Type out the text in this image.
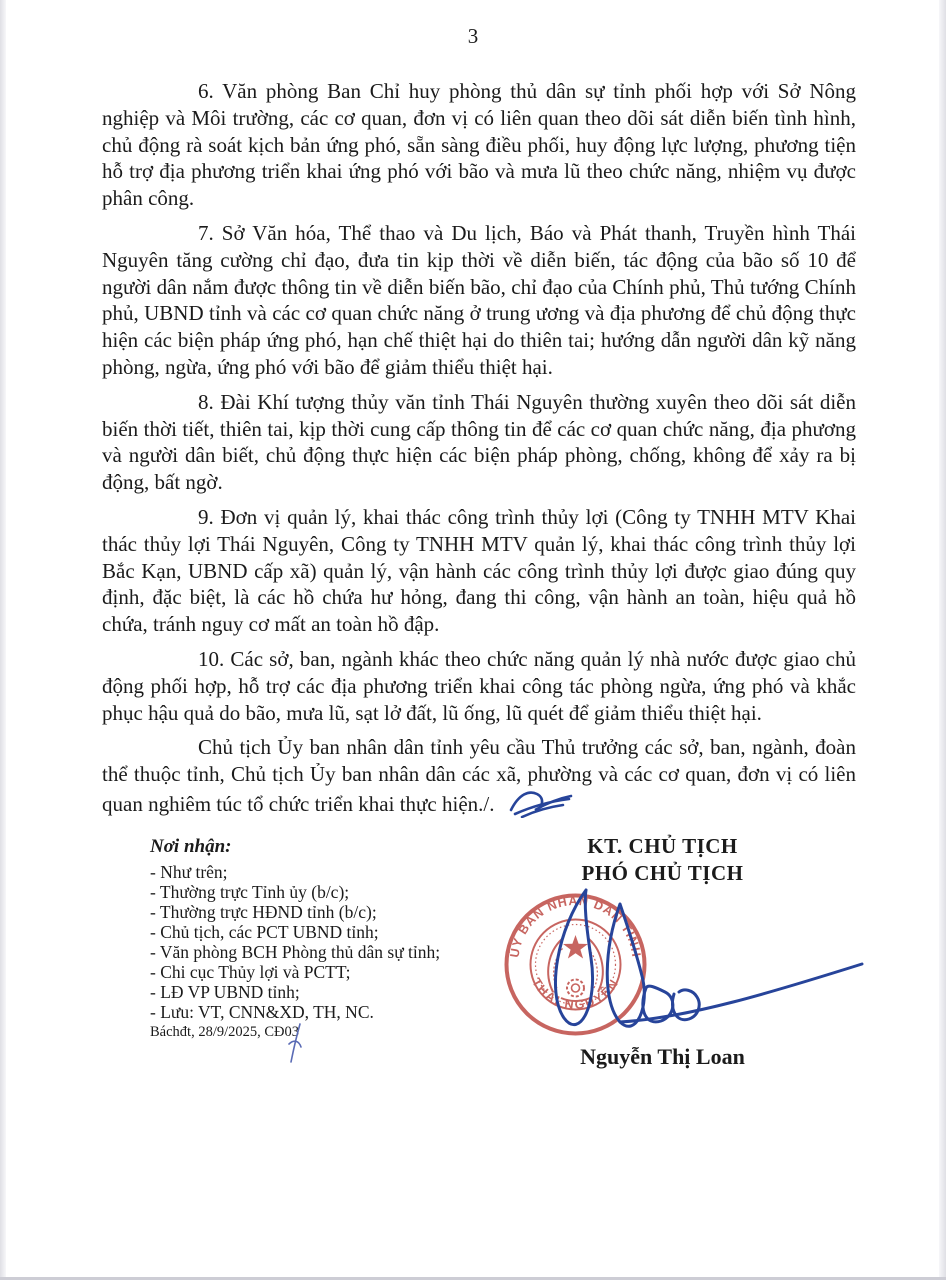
3

6. Văn phòng Ban Chỉ huy phòng thủ dân sự tỉnh phối hợp với Sở Nông nghiệp và Môi trường, các cơ quan, đơn vị có liên quan theo dõi sát diễn biến tình hình, chủ động rà soát kịch bản ứng phó, sẵn sàng điều phối, huy động lực lượng, phương tiện hỗ trợ địa phương triển khai ứng phó với bão và mưa lũ theo chức năng, nhiệm vụ được phân công.

7. Sở Văn hóa, Thể thao và Du lịch, Báo và Phát thanh, Truyền hình Thái Nguyên tăng cường chỉ đạo, đưa tin kịp thời về diễn biến, tác động của bão số 10 để người dân nắm được thông tin về diễn biến bão, chỉ đạo của Chính phủ, Thủ tướng Chính phủ, UBND tỉnh và các cơ quan chức năng ở trung ương và địa phương để chủ động thực hiện các biện pháp ứng phó, hạn chế thiệt hại do thiên tai; hướng dẫn người dân kỹ năng phòng, ngừa, ứng phó với bão để giảm thiểu thiệt hại.

8. Đài Khí tượng thủy văn tỉnh Thái Nguyên thường xuyên theo dõi sát diễn biến thời tiết, thiên tai, kịp thời cung cấp thông tin để các cơ quan chức năng, địa phương và người dân biết, chủ động thực hiện các biện pháp phòng, chống, không để xảy ra bị động, bất ngờ.

9. Đơn vị quản lý, khai thác công trình thủy lợi (Công ty TNHH MTV Khai thác thủy lợi Thái Nguyên, Công ty TNHH MTV quản lý, khai thác công trình thủy lợi Bắc Kạn, UBND cấp xã) quản lý, vận hành các công trình thủy lợi được giao đúng quy định, đặc biệt, là các hồ chứa hư hỏng, đang thi công, vận hành an toàn, hiệu quả hồ chứa, tránh nguy cơ mất an toàn hồ đập.

10. Các sở, ban, ngành khác theo chức năng quản lý nhà nước được giao chủ động phối hợp, hỗ trợ các địa phương triển khai công tác phòng ngừa, ứng phó và khắc phục hậu quả do bão, mưa lũ, sạt lở đất, lũ ống, lũ quét để giảm thiểu thiệt hại.

Chủ tịch Ủy ban nhân dân tỉnh yêu cầu Thủ trưởng các sở, ban, ngành, đoàn thể thuộc tỉnh, Chủ tịch Ủy ban nhân dân các xã, phường và các cơ quan, đơn vị có liên quan nghiêm túc tổ chức triển khai thực hiện./.

Nơi nhận:
- Như trên;
- Thường trực Tỉnh ủy (b/c);
- Thường trực HĐND tỉnh (b/c);
- Chủ tịch, các PCT UBND tỉnh;
- Văn phòng BCH Phòng thủ dân sự tỉnh;
- Chi cục Thủy lợi và PCTT;
- LĐ VP UBND tỉnh;
- Lưu: VT, CNN&XD, TH, NC.
Báchđt, 28/9/2025, CĐ03
KT. CHỦ TỊCH
PHÓ CHỦ TỊCH
ỦY BAN NHÂN DÂN TỈNH
THÁI NGUYÊN
Nguyễn Thị Loan
